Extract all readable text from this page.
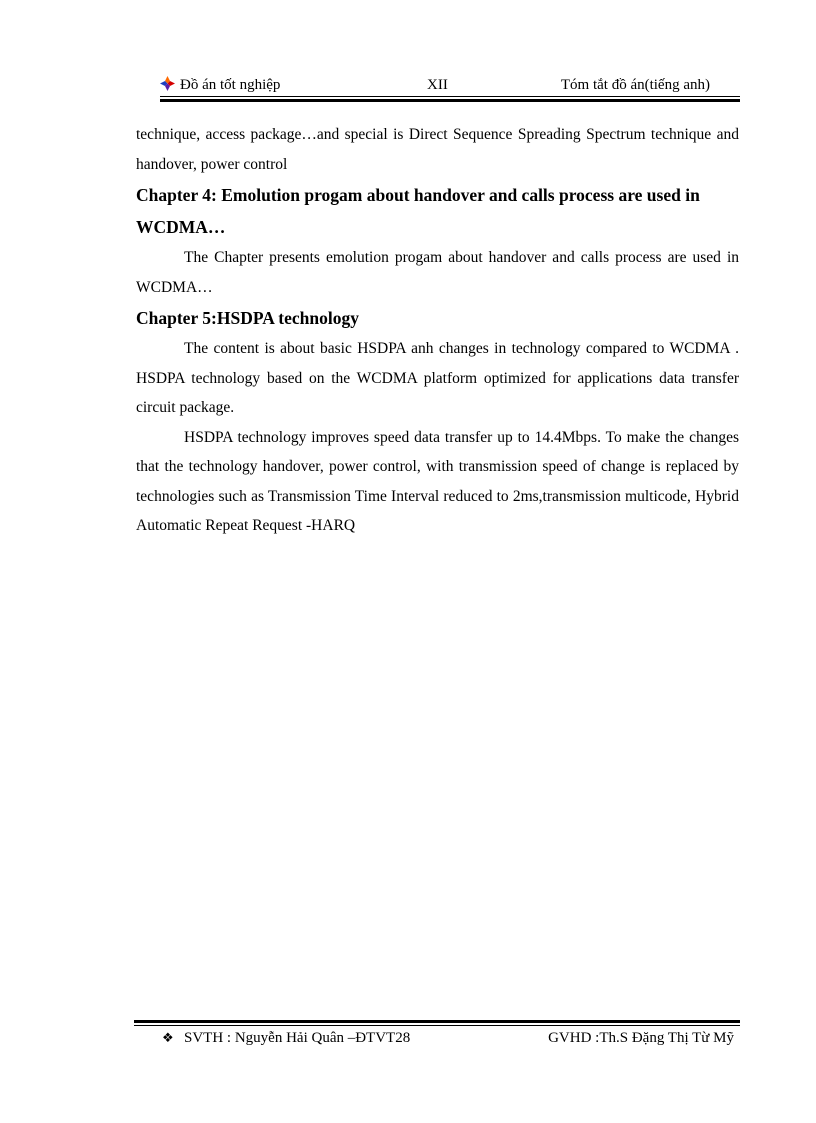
Đồ án tốt nghiệp	XII	Tóm tắt đồ án(tiếng anh)

technique, access package…and special is Direct Sequence Spreading Spectrum technique and handover, power control

Chapter 4: Emolution progam about handover and calls process are used in WCDMA…

The Chapter presents emolution progam about handover and calls process are used in WCDMA…

Chapter 5:HSDPA technology

The content is about basic HSDPA anh changes in technology compared to WCDMA . HSDPA technology based on the WCDMA platform optimized for applications data transfer circuit package.

HSDPA technology improves speed data transfer up to 14.4Mbps. To make the changes that the technology handover, power control, with transmission speed of change is replaced by technologies such as Transmission Time Interval reduced to 2ms,transmission multicode, Hybrid Automatic Repeat Request -HARQ

❖ SVTH : Nguyễn Hải Quân –ĐTVT28	GVHD :Th.S Đặng Thị Từ Mỹ
